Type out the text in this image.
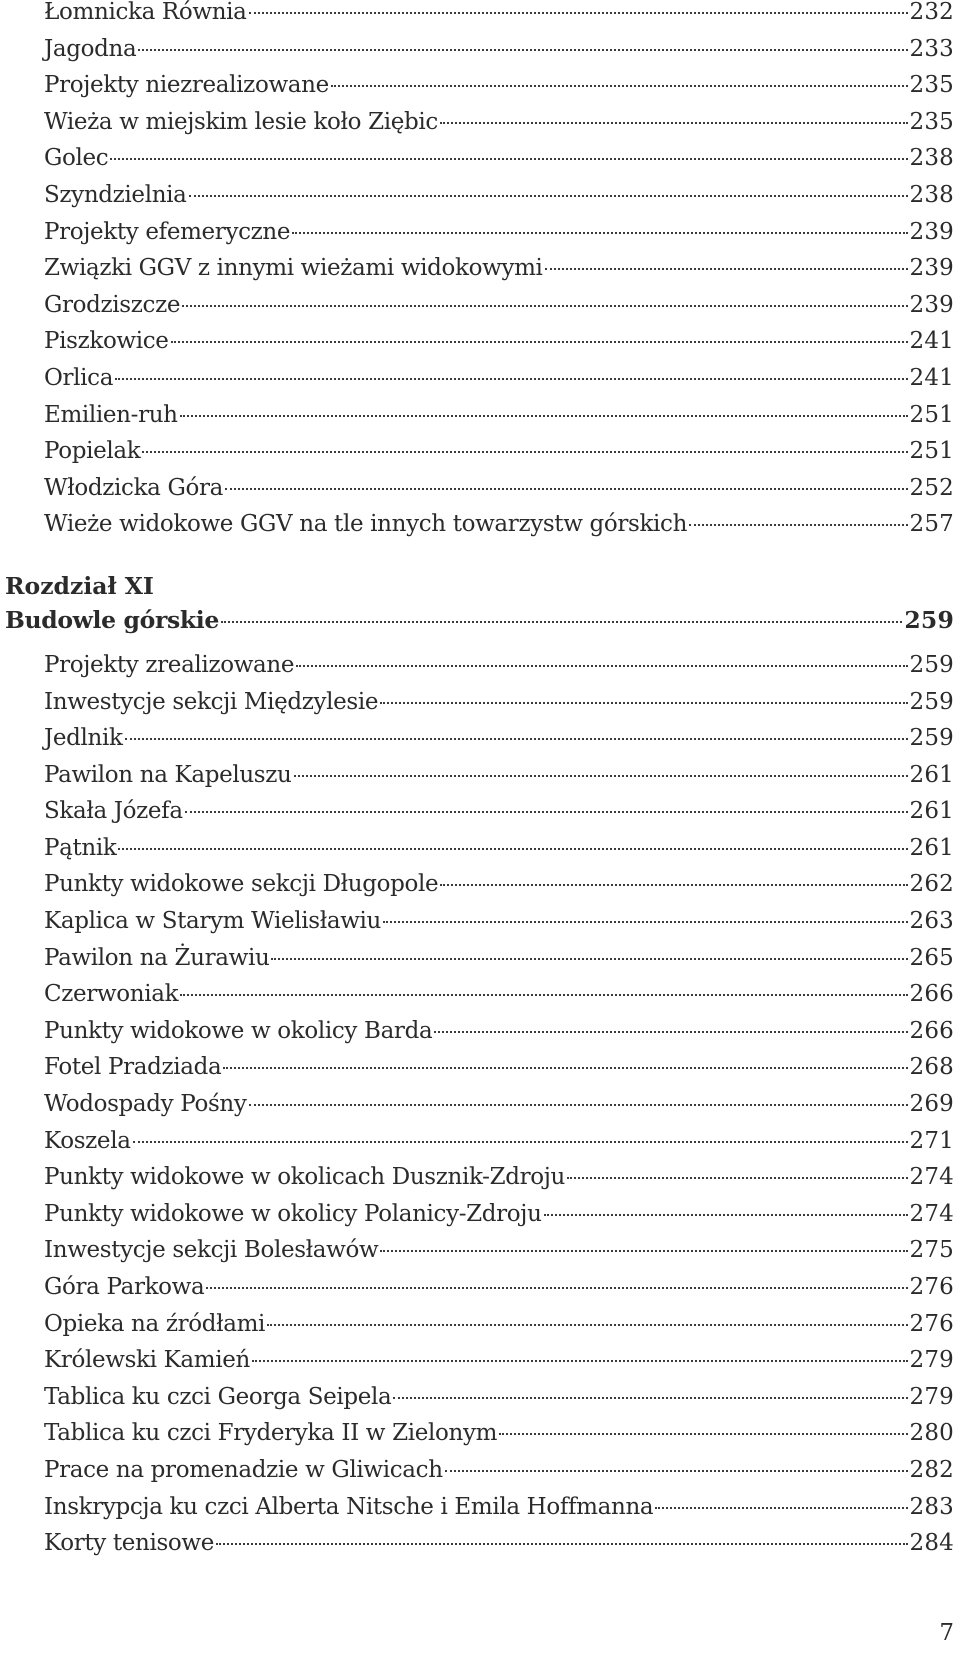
Łomnicka Równia	232
Jagodna	233
Projekty niezrealizowane	235
Wieża w miejskim lesie koło Ziębic	235
Golec	238
Szyndzielnia	238
Projekty efemeryczne	239
Związki GGV z innymi wieżami widokowymi	239
Grodziszcze	239
Piszkowice	241
Orlica	241
Emilien-ruh	251
Popielak	251
Włodzicka Góra	252
Wieże widokowe GGV na tle innych towarzystw górskich	257
Rozdział XI
Budowle górskie	259
Projekty zrealizowane	259
Inwestycje sekcji Międzylesie	259
Jedlnik	259
Pawilon na Kapeluszu	261
Skała Józefa	261
Pątnik	261
Punkty widokowe sekcji Długopole	262
Kaplica w Starym Wielisławiu	263
Pawilon na Żurawiu	265
Czerwoniak	266
Punkty widokowe w okolicy Barda	266
Fotel Pradziada	268
Wodospady Pośny	269
Koszela	271
Punkty widokowe w okolicach Dusznik-Zdroju	274
Punkty widokowe w okolicy Polanicy-Zdroju	274
Inwestycje sekcji Bolesławów	275
Góra Parkowa	276
Opieka na źródłami	276
Królewski Kamień	279
Tablica ku czci Georga Seipela	279
Tablica ku czci Fryderyka II w Zielonym	280
Prace na promenadzie w Gliwicach	282
Inskrypcja ku czci Alberta Nitsche i Emila Hoffmanna	283
Korty tenisowe	284
7
